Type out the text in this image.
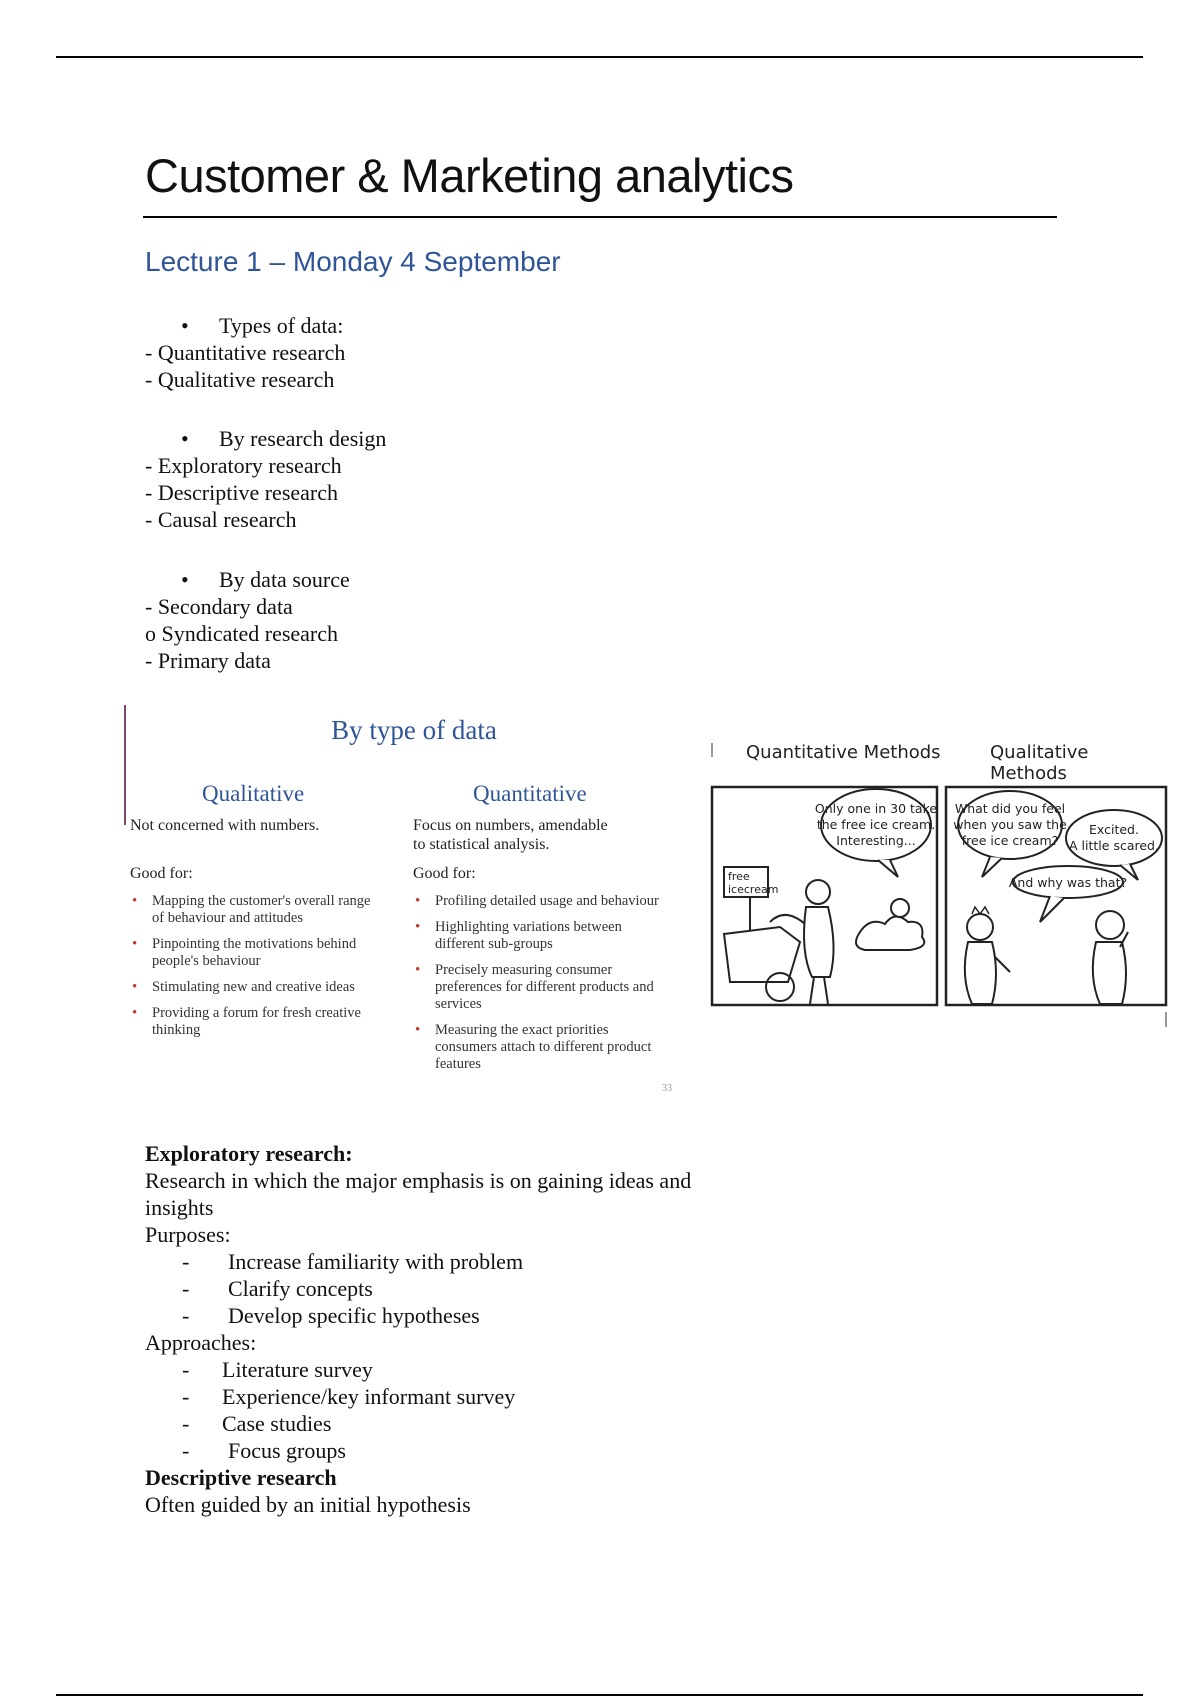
Customer & Marketing analytics
Lecture 1 – Monday 4 September
• Types of data:
- Quantitative research
- Qualitative research
• By research design
- Exploratory research
- Descriptive research
- Causal research
• By data source
- Secondary data
o Syndicated research
- Primary data
By type of data
Qualitative
Not concerned with numbers.
Good for:
• Mapping the customer's overall range of behaviour and attitudes
• Pinpointing the motivations behind people's behaviour
• Stimulating new and creative ideas
• Providing a forum for fresh creative thinking
Quantitative
Focus on numbers, amendable
to statistical analysis.
Good for:
• Profiling detailed usage and behaviour
• Highlighting variations between different sub-groups
• Precisely measuring consumer preferences for different products and services
• Measuring the exact priorities consumers attach to different product features
33
Quantitative Methods	Qualitative Methods
Only one in 30 take
the free ice cream.
Interesting...
free
icecream
What did you feel
when you saw the
free ice cream?
Excited.
A little scared.
And why was that?
Exploratory research:
Research in which the major emphasis is on gaining ideas and
insights
Purposes:
- Increase familiarity with problem
- Clarify concepts
- Develop specific hypotheses
Approaches:
- Literature survey
- Experience/key informant survey
- Case studies
- Focus groups
Descriptive research
Often guided by an initial hypothesis
